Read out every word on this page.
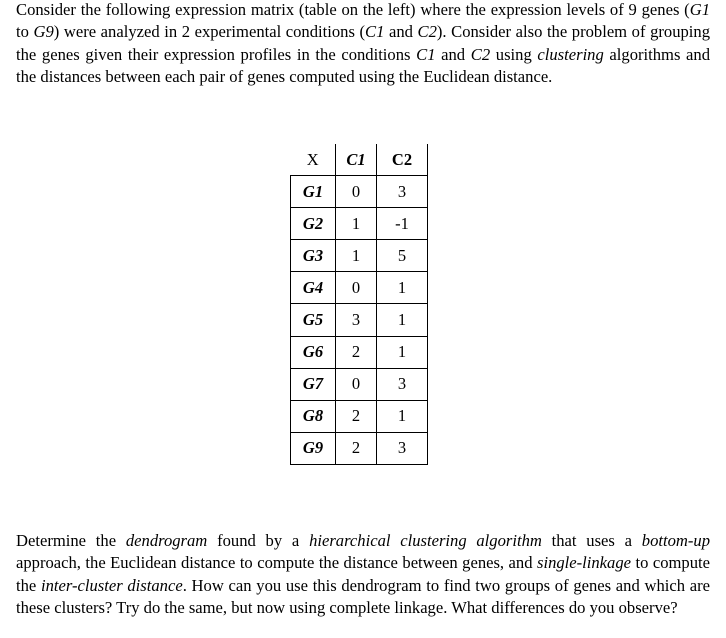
Consider the following expression matrix (table on the left) where the expression levels of 9 genes (G1 to G9) were analyzed in 2 experimental conditions (C1 and C2). Consider also the problem of grouping the genes given their expression profiles in the conditions C1 and C2 using clustering algorithms and the distances between each pair of genes computed using the Euclidean distance.
X	C1	C2
G1	0	3
G2	1	-1
G3	1	5
G4	0	1
G5	3	1
G6	2	1
G7	0	3
G8	2	1
G9	2	3
Determine the dendrogram found by a hierarchical clustering algorithm that uses a bottom-up approach, the Euclidean distance to compute the distance between genes, and single-linkage to compute the inter-cluster distance. How can you use this dendrogram to find two groups of genes and which are these clusters? Try do the same, but now using complete linkage. What differences do you observe?
